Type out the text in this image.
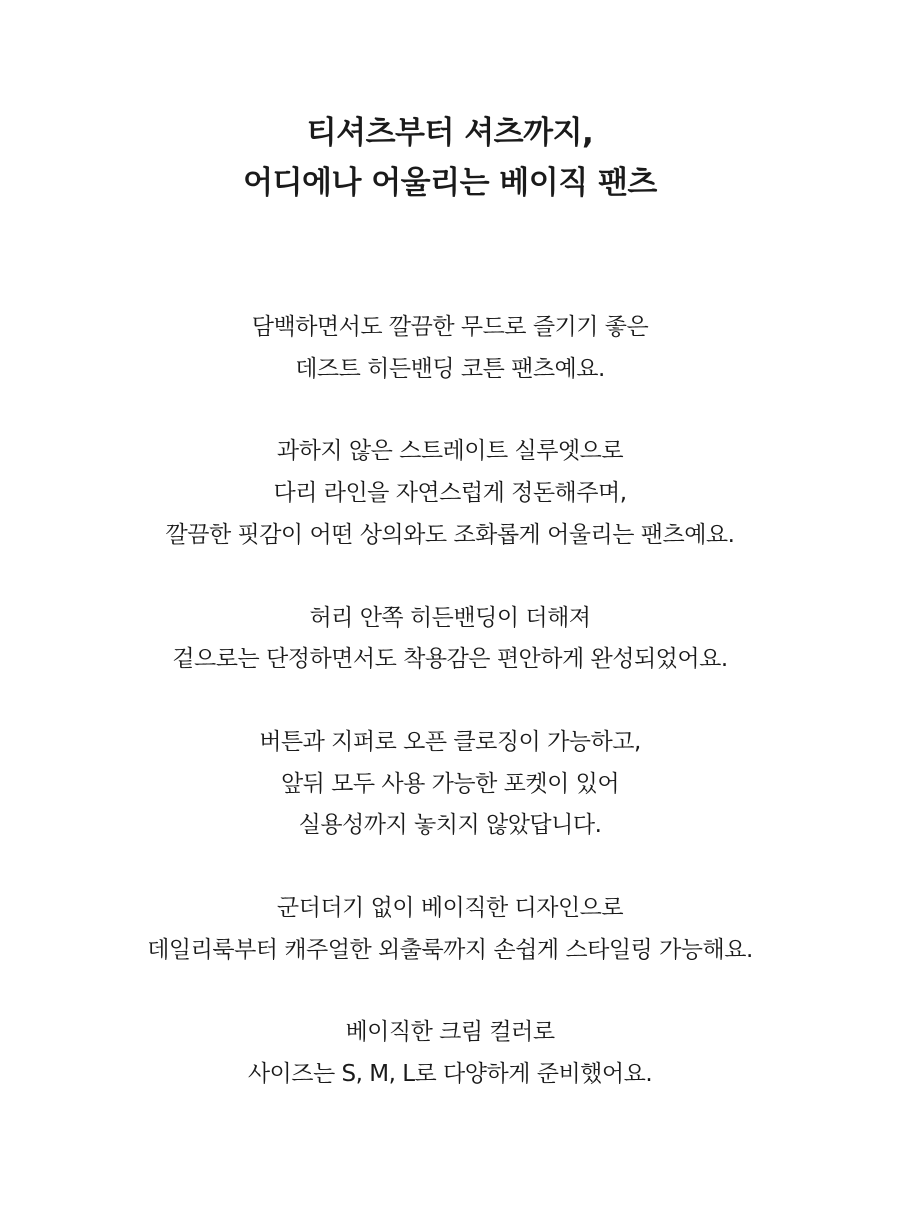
티셔츠부터 셔츠까지,
어디에나 어울리는 베이직 팬츠

담백하면서도 깔끔한 무드로 즐기기 좋은
데즈트 히든밴딩 코튼 팬츠예요.

과하지 않은 스트레이트 실루엣으로
다리 라인을 자연스럽게 정돈해주며,
깔끔한 핏감이 어떤 상의와도 조화롭게 어울리는 팬츠예요.

허리 안쪽 히든밴딩이 더해져
겉으로는 단정하면서도 착용감은 편안하게 완성되었어요.

버튼과 지퍼로 오픈 클로징이 가능하고,
앞뒤 모두 사용 가능한 포켓이 있어
실용성까지 놓치지 않았답니다.

군더더기 없이 베이직한 디자인으로
데일리룩부터 캐주얼한 외출룩까지 손쉽게 스타일링 가능해요.

베이직한 크림 컬러로
사이즈는 S, M, L로 다양하게 준비했어요.
